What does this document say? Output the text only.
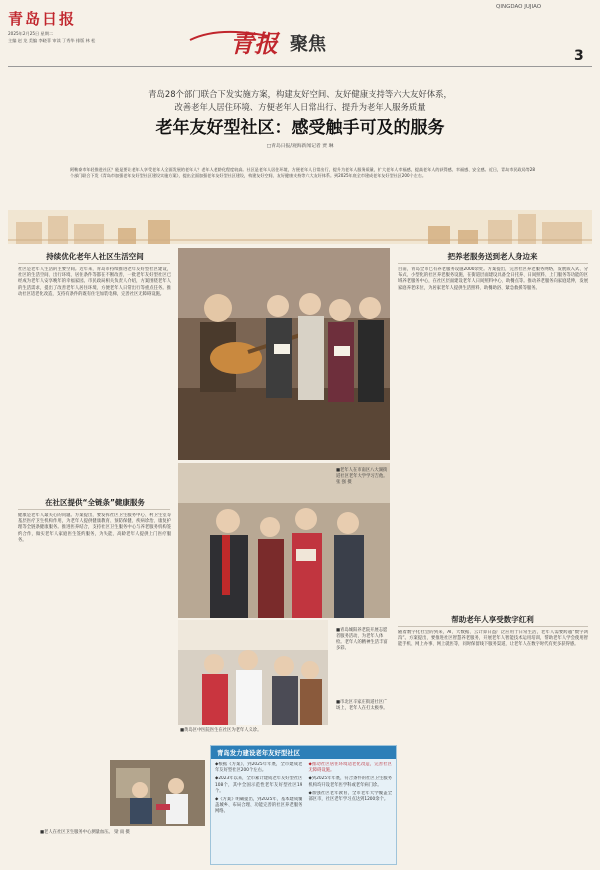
青岛日报
2025年2月25日 星期二
主编 赵 龙 美编 李晓菲 审读 丁秀华 排版 林 松	青报 聚焦
QINGDAO JUJIAO
3
青岛28个部门联合下发实施方案，构建友好空间、友好健康支持等六大友好体系，
改善老年人居住环境、方便老年人日常出行、提升为老年人服务质量
老年友好型社区：感受触手可及的服务
□青岛日报/观海新闻记者 贾 琳
阿勒泰市年轻推进社区？能是要让老年人享受老年人全面发展的老年人？老年人老龄化程度较高。社区是老年人居住环境，方便老年人日常出行，提升为老年人服务质量，扩大老年人幸福感，提高老年人的获得感、幸福感、安全感。近日，青岛市民政局等28个部门联合下发《青岛市加强老年友好型社区建设实施方案》，提出全面加强老年友好型社区建设，构建友好空间、友好健康支持等六大友好体系。到2025年底全市建成老年友好型社区200个左右。
持续优化老年人社区生活空间
社区是老年人生活的主要空间。近年来，青岛市持续推进老年友好型社区建设，社区的生活空间、出行环境、居住条件等都在不断改善，一批老年友好型社区已经成为老年人安享晚年的幸福家园。市民政局相关负责人介绍，方案围绕老年人的生活需求，提出了改善老年人居住环境、方便老年人日常出行等重点任务。推动社区适老化改造，支持有条件的既有住宅加装电梯，完善社区无障碍设施。
在社区提供“全链条”健康服务
健康是老年人最关心的问题。方案提出，要发挥社区卫生服务中心、村卫生室等基层医疗卫生机构作用，为老年人提供健康教育、预防保健、疾病诊治、康复护理等全链条健康服务。推进医养结合，支持社区卫生服务中心与养老服务机构签约合作，做实老年人家庭医生签约服务，为失能、高龄老年人提供上门医疗服务。
■老人在社区卫生服务中心测量血压。 梁 雨 摄
■老年人在市南区八大湖街道社区老年大学学习吉他。 张 强 摄
■青岛城阳养老院开展志愿者服务活动，为老年人体检。老年人的精神生活丰富多彩。
■黄岛区中医院医生在社区为老年人义诊。
把养老服务送到老人身边来
目前，青岛全市已有养老服务设施2000余处。方案提出，完善社区养老服务网络，发展嵌入式、分布式、小型化的社区养老服务设施，在街道层面建设具备全日托养、日间照料、上门服务等功能的区域养老服务中心，在社区层面建设老年人日间照料中心、助餐点等。推动养老服务向家庭延伸，发展家庭养老床位，为居家老年人提供生活照料、助餐助浴、紧急救援等服务。
帮助老年人享受数字红利
随着数字化社会的到来，AI、大数据、云计算日益广泛应用于日常生活，老年人需要跨越“数字鸿沟”。方案提出，要推进社区智慧养老服务，开展老年人智能技术运用培训，帮助老年人学会使用智能手机、网上办事、网上就医等，同时保留线下服务渠道，让老年人在数字时代有更多获得感。
青岛发力建设老年友好型社区
◆根据《方案》，到2025年年底，全市建成老年友好型社区200个左右。
◆2023年以来，全市累计建成老年友好型社区108个，其中全国示范性老年友好型社区19个。
◆《方案》明确提出，到2025年，基本建成覆盖城乡、布局合理、功能完善的社区养老服务网络。
◆推动社区居住环境适老化改造，完善社区无障碍设施。
◆到2025年年底，符合条件的社区卫生服务机构均开设老年医学科或老年病门诊。
◆加强社区老年教育，全市老年大学覆盖全部区市，社区老年学习点达到1200余个。
■市北区辛家庄街道社区广场上，老年人在打太极拳。
